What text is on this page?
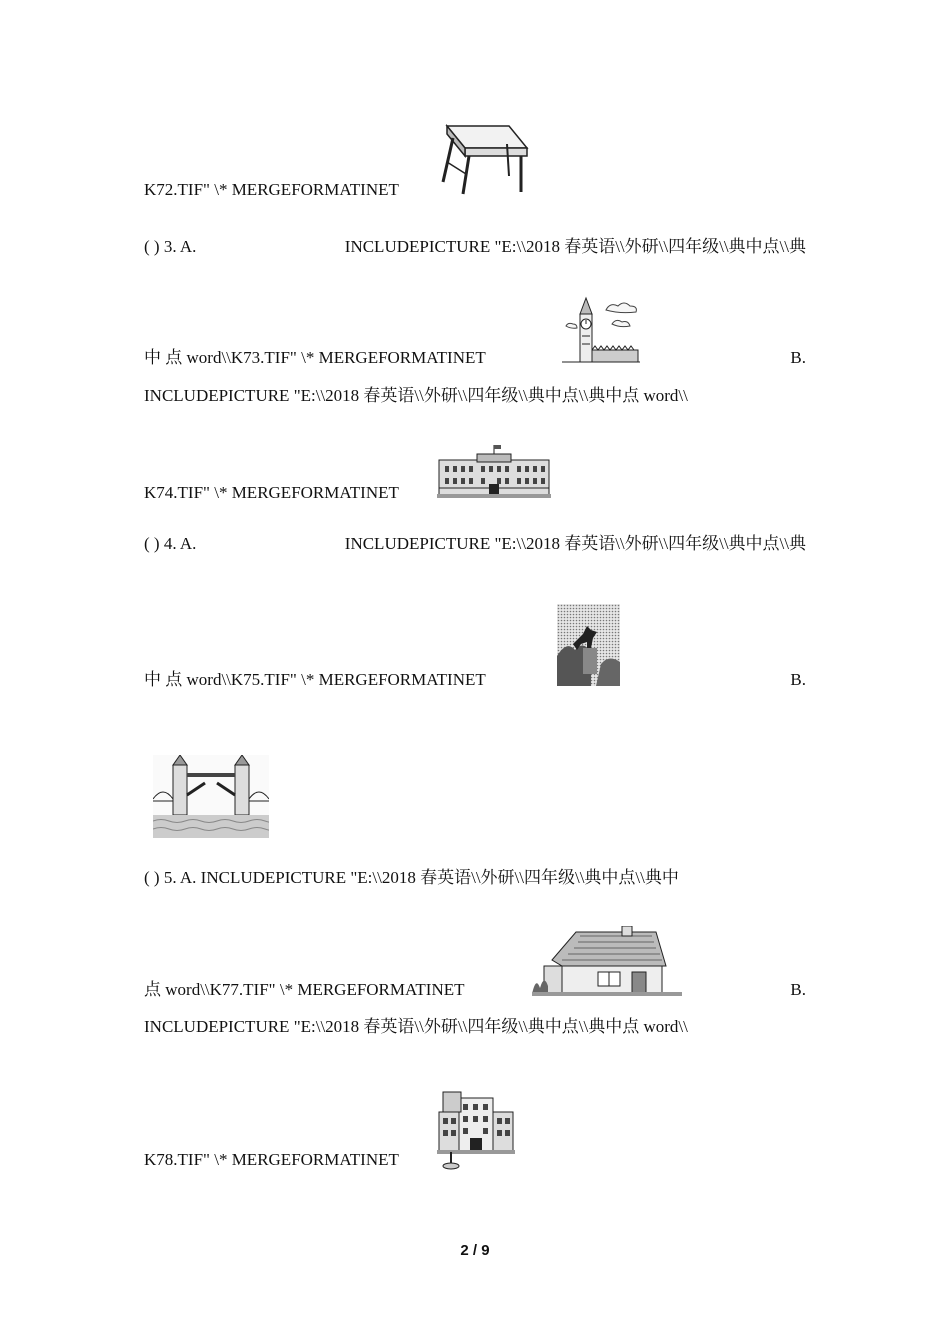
K72.TIF" \* MERGEFORMATINET
( ) 3. A.	INCLUDEPICTURE "E:\\2018 春英语\\外研\\四年级\\典中点\\典
中 点 word\\K73.TIF" \* MERGEFORMATINET	B.
INCLUDEPICTURE "E:\\2018 春英语\\外研\\四年级\\典中点\\典中点 word\\
K74.TIF" \* MERGEFORMATINET
( ) 4. A.	INCLUDEPICTURE "E:\\2018 春英语\\外研\\四年级\\典中点\\典
中 点 word\\K75.TIF" \* MERGEFORMATINET	B.
( ) 5. A. INCLUDEPICTURE "E:\\2018 春英语\\外研\\四年级\\典中点\\典中
点 word\\K77.TIF" \* MERGEFORMATINET	B.
INCLUDEPICTURE "E:\\2018 春英语\\外研\\四年级\\典中点\\典中点 word\\
K78.TIF" \* MERGEFORMATINET
2 / 9
